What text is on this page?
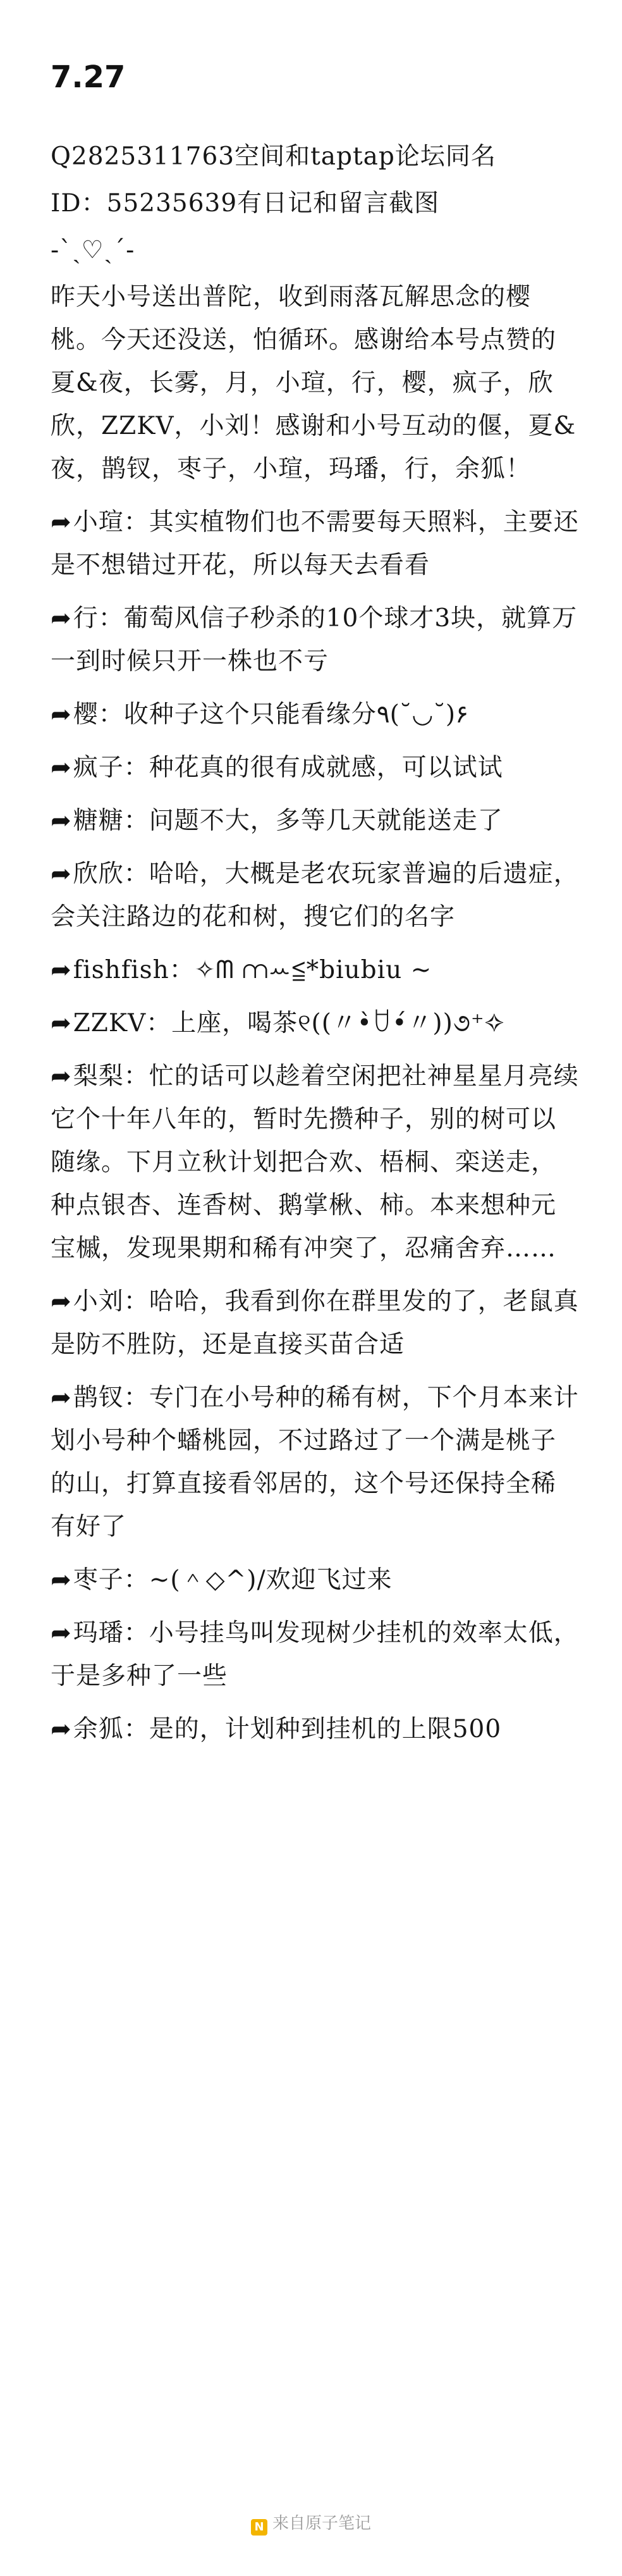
7.27
Q2825311763空间和taptap论坛同名
ID：55235639有日记和留言截图
-ˋˏ♡ˎˊ-
昨天小号送出普陀，收到雨落瓦解思念的樱桃。今天还没送，怕循环。感谢给本号点赞的夏&夜，长雾，月，小瑄，行，樱，疯子，欣欣，ZZKV，小刘！感谢和小号互动的偃，夏&夜，鹊钗，枣子，小瑄，玛璠，行，余狐！
➦小瑄：其实植物们也不需要每天照料，主要还是不想错过开花，所以每天去看看
➦行：葡萄风信子秒杀的10个球才3块，就算万一到时候只开一株也不亏
➦樱：收种子这个只能看缘分٩(˘◡˘)۶
➦疯子：种花真的很有成就感，可以试试
➦糖糖：问题不大，多等几天就能送走了
➦欣欣：哈哈，大概是老农玩家普遍的后遗症，会关注路边的花和树，搜它们的名字
➦fishfish：✧ᗰ ⩋ꕀ≦*biubiu ~
➦ZZKV：上座，喝茶୧((〃•̀ꇴ•́〃))૭⁺✧
➦梨梨：忙的话可以趁着空闲把社神星星月亮续它个十年八年的，暂时先攒种子，别的树可以随缘。下月立秋计划把合欢、梧桐、栾送走，种点银杏、连香树、鹅掌楸、柿。本来想种元宝槭，发现果期和稀有冲突了，忍痛舍弃……
➦小刘：哈哈，我看到你在群里发的了，老鼠真是防不胜防，还是直接买苗合适
➦鹊钗：专门在小号种的稀有树，下个月本来计划小号种个蟠桃园，不过路过了一个满是桃子的山，打算直接看邻居的，这个号还保持全稀有好了
➦枣子：~(＾◇^)/欢迎飞过来
➦玛璠：小号挂鸟叫发现树少挂机的效率太低，于是多种了一些
➦余狐：是的，计划种到挂机的上限500
N 来自原子笔记
